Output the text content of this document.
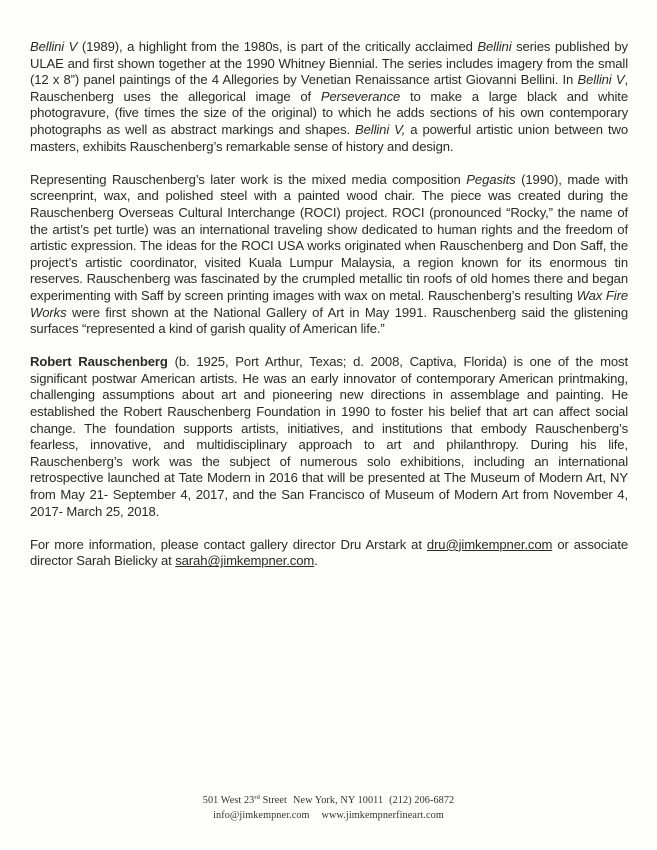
Bellini V (1989), a highlight from the 1980s, is part of the critically acclaimed Bellini series published by ULAE and first shown together at the 1990 Whitney Biennial. The series includes imagery from the small (12 x 8”) panel paintings of the 4 Allegories by Venetian Renaissance artist Giovanni Bellini. In Bellini V, Rauschenberg uses the allegorical image of Perseverance to make a large black and white photogravure, (five times the size of the original) to which he adds sections of his own contemporary photographs as well as abstract markings and shapes. Bellini V, a powerful artistic union between two masters, exhibits Rauschenberg’s remarkable sense of history and design.

Representing Rauschenberg’s later work is the mixed media composition Pegasits (1990), made with screenprint, wax, and polished steel with a painted wood chair. The piece was created during the Rauschenberg Overseas Cultural Interchange (ROCI) project. ROCI (pronounced “Rocky,” the name of the artist’s pet turtle) was an international traveling show dedicated to human rights and the freedom of artistic expression. The ideas for the ROCI USA works originated when Rauschenberg and Don Saff, the project’s artistic coordinator, visited Kuala Lumpur Malaysia, a region known for its enormous tin reserves. Rauschenberg was fascinated by the crumpled metallic tin roofs of old homes there and began experimenting with Saff by screen printing images with wax on metal. Rauschenberg’s resulting Wax Fire Works were first shown at the National Gallery of Art in May 1991. Rauschenberg said the glistening surfaces “represented a kind of garish quality of American life.”

Robert Rauschenberg (b. 1925, Port Arthur, Texas; d. 2008, Captiva, Florida) is one of the most significant postwar American artists. He was an early innovator of contemporary American printmaking, challenging assumptions about art and pioneering new directions in assemblage and painting. He established the Robert Rauschenberg Foundation in 1990 to foster his belief that art can affect social change. The foundation supports artists, initiatives, and institutions that embody Rauschenberg’s fearless, innovative, and multidisciplinary approach to art and philanthropy. During his life, Rauschenberg’s work was the subject of numerous solo exhibitions, including an international retrospective launched at Tate Modern in 2016 that will be presented at The Museum of Modern Art, NY from May 21- September 4, 2017, and the San Francisco of Museum of Modern Art from November 4, 2017- March 25, 2018.

For more information, please contact gallery director Dru Arstark at dru@jimkempner.com or associate director Sarah Bielicky at sarah@jimkempner.com.

501 West 23rd Street New York, NY 10011 (212) 206-6872
info@jimkempner.com www.jimkempnerfineart.com
